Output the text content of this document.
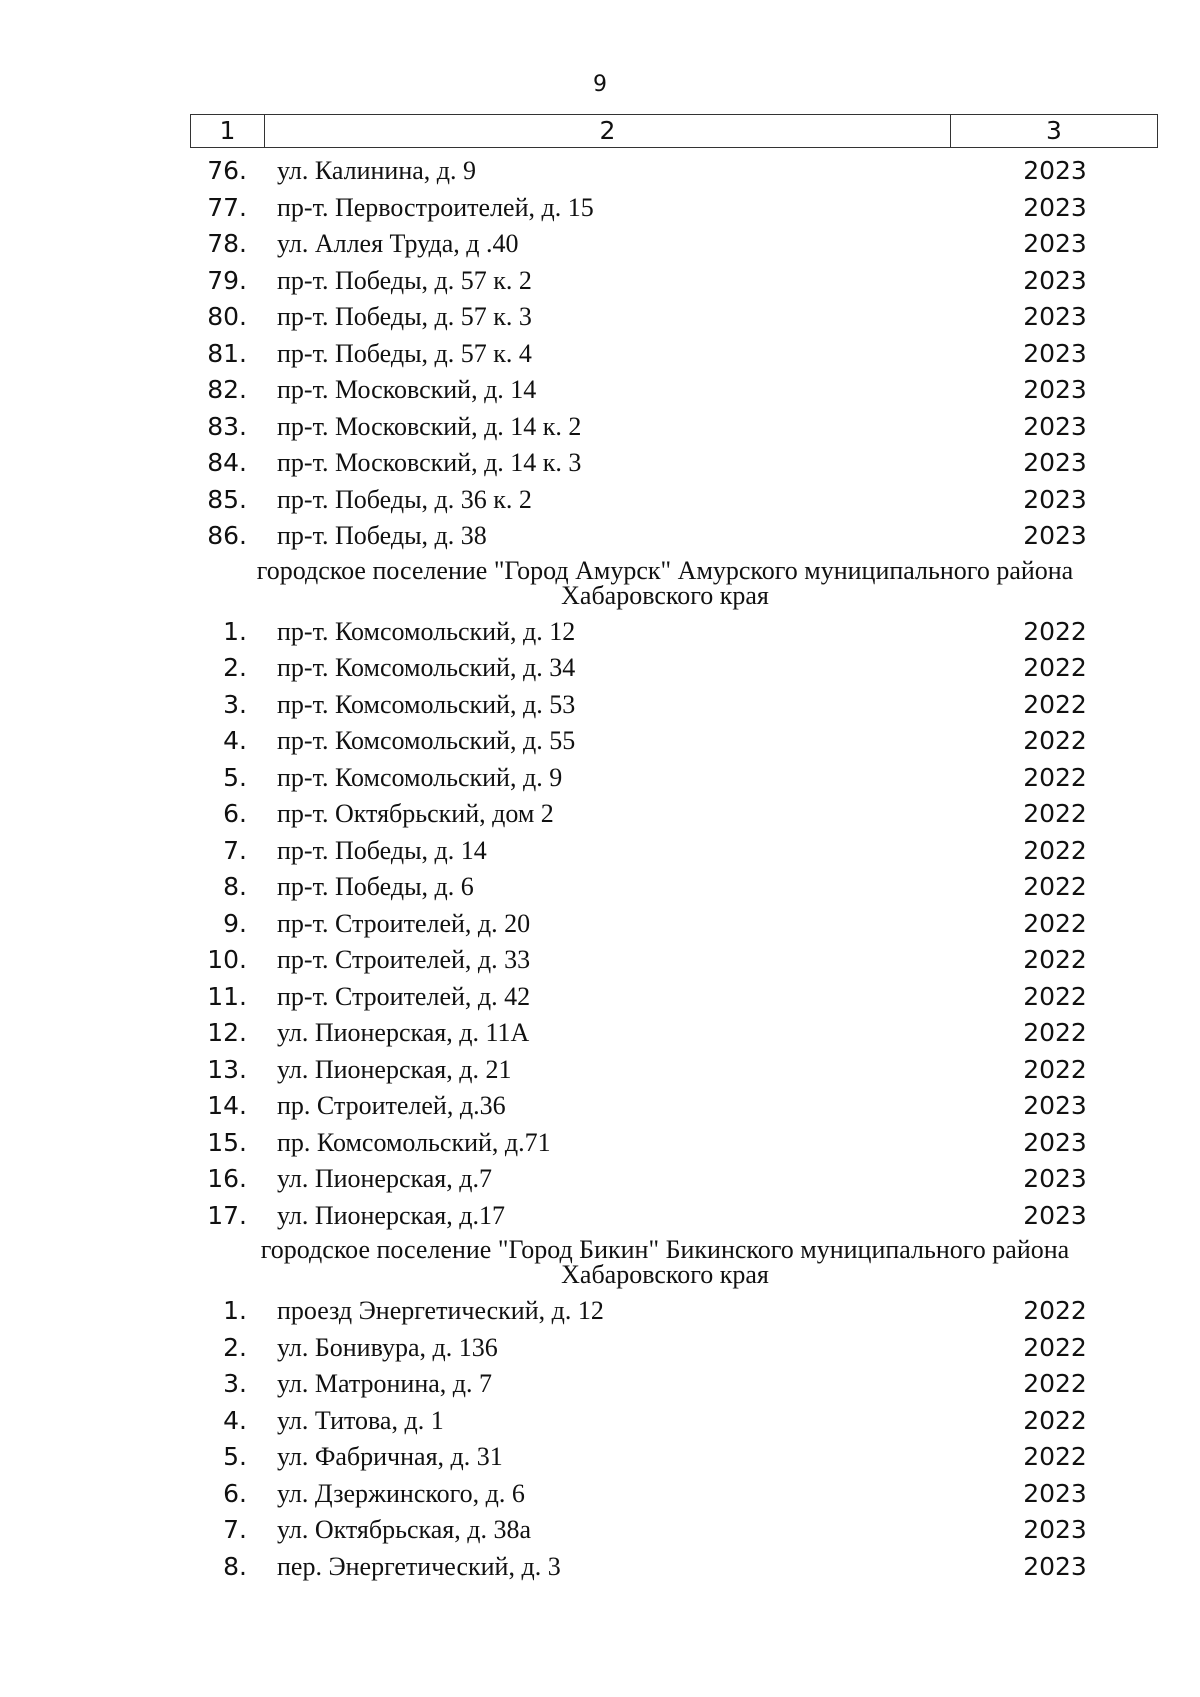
9
1	2	3
76. ул. Калинина, д. 9	2023
77. пр-т. Первостроителей, д. 15	2023
78. ул. Аллея Труда, д .40	2023
79. пр-т. Победы, д. 57 к. 2	2023
80. пр-т. Победы, д. 57 к. 3	2023
81. пр-т. Победы, д. 57 к. 4	2023
82. пр-т. Московский, д. 14	2023
83. пр-т. Московский, д. 14 к. 2	2023
84. пр-т. Московский, д. 14 к. 3	2023
85. пр-т. Победы, д. 36 к. 2	2023
86. пр-т. Победы, д. 38	2023
городское поселение "Город Амурск" Амурского муниципального района
Хабаровского края
1. пр-т. Комсомольский, д. 12	2022
2. пр-т. Комсомольский, д. 34	2022
3. пр-т. Комсомольский, д. 53	2022
4. пр-т. Комсомольский, д. 55	2022
5. пр-т. Комсомольский, д. 9	2022
6. пр-т. Октябрьский, дом 2	2022
7. пр-т. Победы, д. 14	2022
8. пр-т. Победы, д. 6	2022
9. пр-т. Строителей, д. 20	2022
10. пр-т. Строителей, д. 33	2022
11. пр-т. Строителей, д. 42	2022
12. ул. Пионерская, д. 11А	2022
13. ул. Пионерская, д. 21	2022
14. пр. Строителей, д.36	2023
15. пр. Комсомольский, д.71	2023
16. ул. Пионерская, д.7	2023
17. ул. Пионерская, д.17	2023
городское поселение "Город Бикин" Бикинского муниципального района
Хабаровского края
1. проезд Энергетический, д. 12	2022
2. ул. Бонивура, д. 136	2022
3. ул. Матронина, д. 7	2022
4. ул. Титова, д. 1	2022
5. ул. Фабричная, д. 31	2022
6. ул. Дзержинского, д. 6	2023
7. ул. Октябрьская, д. 38а	2023
8. пер. Энергетический, д. 3	2023
